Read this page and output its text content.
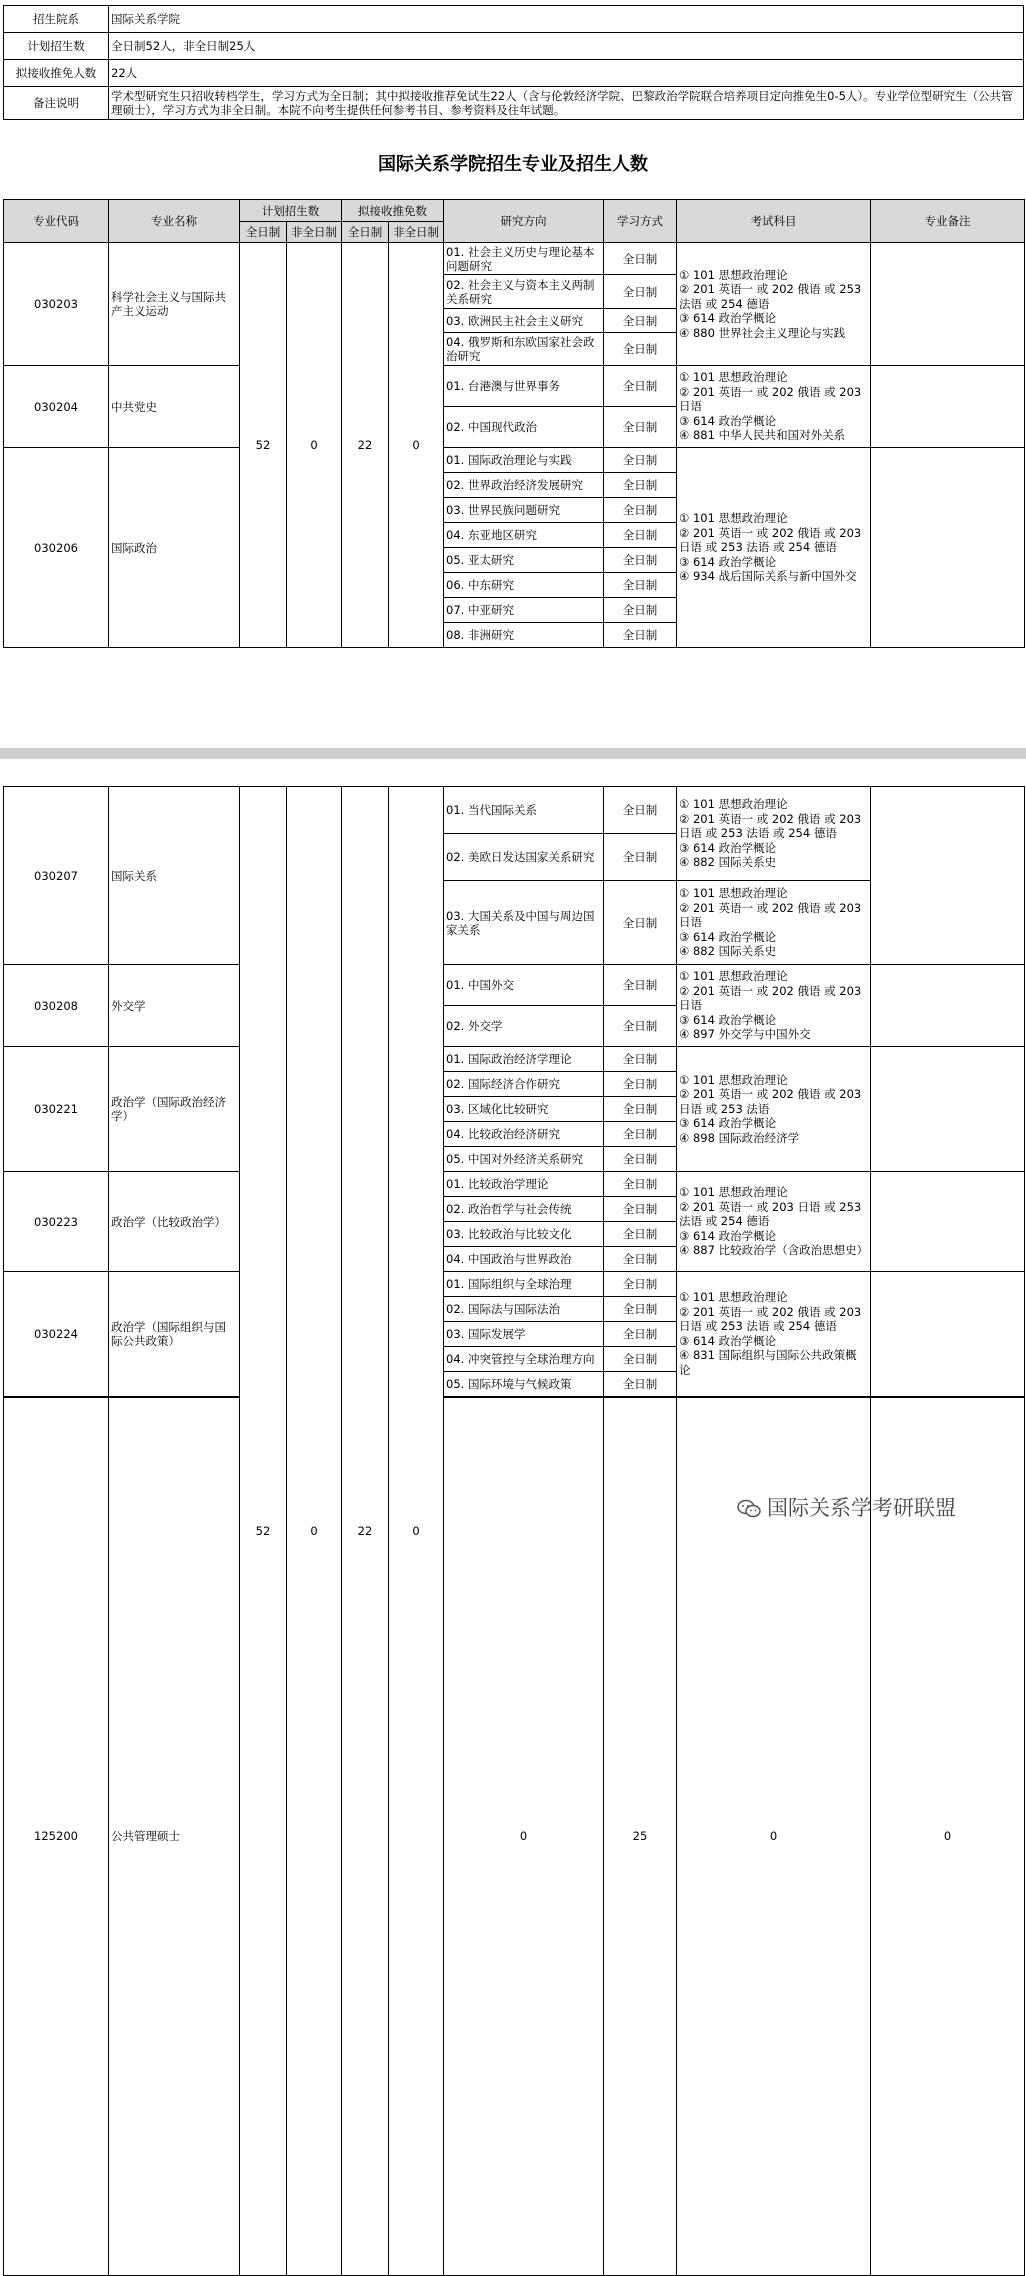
招生院系	国际关系学院
计划招生数	全日制52人，非全日制25人
拟接收推免人数	22人
备注说明	学术型研究生只招收转档学生，学习方式为全日制；其中拟接收推荐免试生22人（含与伦敦经济学院、巴黎政治学院联合培养项目定向推免生0-5人）。专业学位型研究生（公共管理硕士），学习方式为非全日制。本院不向考生提供任何参考书目、参考资料及往年试题。
国际关系学院招生专业及招生人数
专业代码	专业名称	计划招生数		拟接收推免数		研究方向	学习方式	考试科目	专业备注
		全日制	非全日制	全日制	非全日制				
030203	科学社会主义与国际共产主义运动	52	0	22	0	01. 社会主义历史与理论基本问题研究	全日制	① 101 思想政治理论
② 201 英语一 或 202 俄语 或 253 法语 或 254 德语
③ 614 政治学概论
④ 880 世界社会主义理论与实践	
						02. 社会主义与资本主义两制关系研究	全日制		
						03. 欧洲民主社会主义研究	全日制		
						04. 俄罗斯和东欧国家社会政治研究	全日制		
030204	中共党史					01. 台港澳与世界事务	全日制	① 101 思想政治理论
② 201 英语一 或 202 俄语 或 203 日语
③ 614 政治学概论
④ 881 中华人民共和国对外关系	
						02. 中国现代政治	全日制		
030206	国际政治					01. 国际政治理论与实践	全日制	① 101 思想政治理论
② 201 英语一 或 202 俄语 或 203 日语 或 253 法语 或 254 德语
③ 614 政治学概论
④ 934 战后国际关系与新中国外交	
						02. 世界政治经济发展研究	全日制		
						03. 世界民族问题研究	全日制		
						04. 东亚地区研究	全日制		
						05. 亚太研究	全日制		
						06. 中东研究	全日制		
						07. 中亚研究	全日制		
						08. 非洲研究	全日制		
030207	国际关系	52	0	22	0	01. 当代国际关系	全日制	① 101 思想政治理论
② 201 英语一 或 202 俄语 或 203 日语 或 253 法语 或 254 德语
③ 614 政治学概论
④ 882 国际关系史		
						02. 美欧日发达国家关系研究	全日制			
						03. 大国关系及中国与周边国家关系	全日制	① 101 思想政治理论
② 201 英语一 或 202 俄语 或 203 日语
③ 614 政治学概论
④ 882 国际关系史		
030208	外交学					01. 中国外交	全日制	① 101 思想政治理论
② 201 英语一 或 202 俄语 或 203 日语
③ 614 政治学概论
④ 897 外交学与中国外交		
						02. 外交学	全日制			
030221	政治学（国际政治经济学）					01. 国际政治经济学理论	全日制	① 101 思想政治理论
② 201 英语一 或 202 俄语 或 203 日语 或 253 法语
③ 614 政治学概论
④ 898 国际政治经济学		
						02. 国际经济合作研究	全日制			
						03. 区域化比较研究	全日制			
						04. 比较政治经济研究	全日制			
						05. 中国对外经济关系研究	全日制			
030223	政治学（比较政治学）					01. 比较政治学理论	全日制	① 101 思想政治理论
② 201 英语一 或 203 日语 或 253 法语 或 254 德语
③ 614 政治学概论
④ 887 比较政治学（含政治思想史）		
						02. 政治哲学与社会传统	全日制			
						03. 比较政治与比较文化	全日制			
						04. 中国政治与世界政治	全日制			
030224	政治学（国际组织与国际公共政策）					01. 国际组织与全球治理	全日制	① 101 思想政治理论
② 201 英语一 或 202 俄语 或 203 日语 或 253 法语 或 254 德语
③ 614 政治学概论
④ 831 国际组织与国际公共政策概论		
						02. 国际法与国际法治	全日制			
						03. 国际发展学	全日制			
						04. 冲突管控与全球治理方向	全日制			
						05. 国际环境与气候政策	全日制			
125200	公共管理硕士					0	25	0	0				
国际关系学考研联盟
